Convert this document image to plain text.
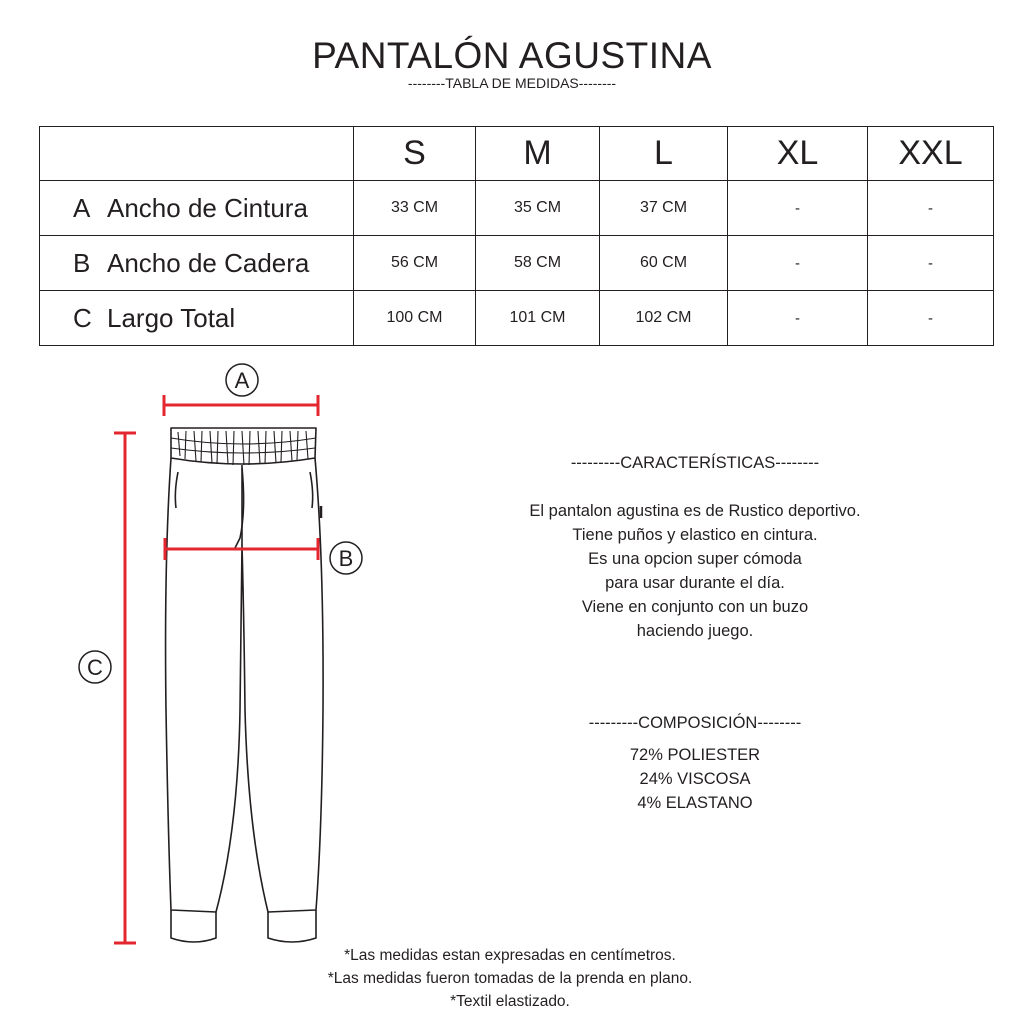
PANTALÓN AGUSTINA
--------TABLA DE MEDIDAS--------
	S	M	L	XL	XXL
A Ancho de Cintura	33 CM	35 CM	37 CM	-	-
B Ancho de Cadera	56 CM	58 CM	60 CM	-	-
C Largo Total	100 CM	101 CM	102 CM	-	-
A
C
B
---------CARACTERÍSTICAS--------
El pantalon agustina es de Rustico deportivo.
Tiene puños y elastico en cintura.
Es una opcion super cómoda
para usar durante el día.
Viene en conjunto con un buzo
haciendo juego.
---------COMPOSICIÓN--------
72% POLIESTER
24% VISCOSA
4% ELASTANO
*Las medidas estan expresadas en centímetros.
*Las medidas fueron tomadas de la prenda en plano.
*Textil elastizado.
